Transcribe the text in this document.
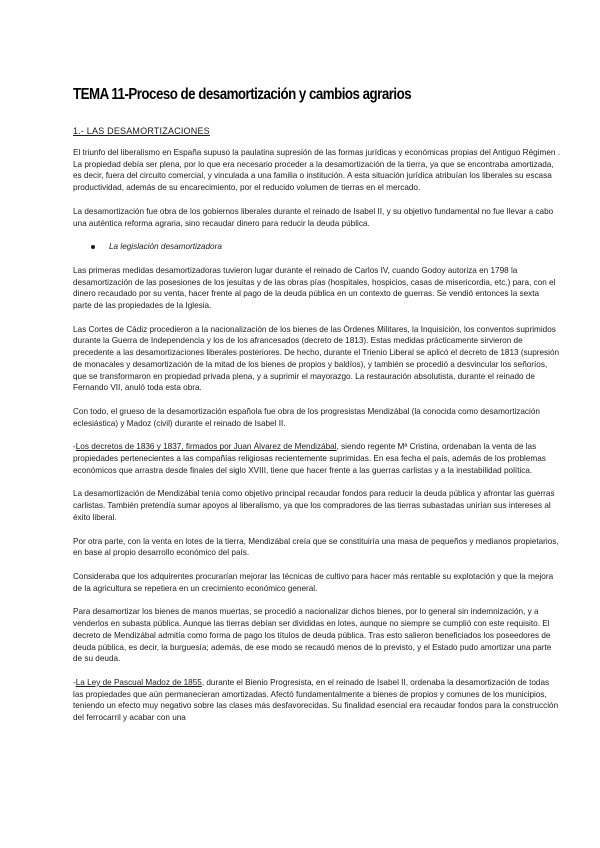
TEMA 11-Proceso de desamortización y cambios agrarios
1.- LAS DESAMORTIZACIONES

El triunfo del liberalismo en España supuso la paulatina supresión de las formas jurídicas y económicas propias del Antiguo Régimen . La propiedad debía ser plena, por lo que era necesario proceder a la desamortización de la tierra, ya que se encontraba amortizada, es decir, fuera del circuito comercial, y vinculada a una familia o institución. A esta situación jurídica atribuían los liberales su escasa productividad, además de su encarecimiento, por el reducido volumen de tierras en el mercado.

La desamortización fue obra de los gobiernos liberales durante el reinado de Isabel II, y su objetivo fundamental no fue llevar a cabo una auténtica reforma agraria, sino recaudar dinero para reducir la deuda pública.

La legislación desamortizadora

Las primeras medidas desamortizadoras tuvieron lugar durante el reinado de Carlos IV, cuando Godoy autoriza en 1798 la desamortización de las posesiones de los jesuitas y de las obras pías (hospitales, hospicios, casas de misericordia, etc.) para, con el dinero recaudado por su venta, hacer frente al pago de la deuda pública en un contexto de guerras. Se vendió entonces la sexta parte de las propiedades de la Iglesia.

Las Cortes de Cádiz procedieron a la nacionalización de los bienes de las Órdenes Militares, la Inquisición, los conventos suprimidos durante la Guerra de Independencia y los de los afrancesados (decreto de 1813). Estas medidas prácticamente sirvieron de precedente a las desamortizaciones liberales posteriores. De hecho, durante el Trienio Liberal se aplicó el decreto de 1813 (supresión de monacales y desamortización de la mitad de los bienes de propios y baldíos), y también se procedió a desvincular los señoríos, que se transformaron en propiedad privada plena, y a suprimir el mayorazgo. La restauración absolutista, durante el reinado de Fernando VII, anuló toda esta obra.

Con todo, el grueso de la desamortización española fue obra de los progresistas Mendizábal (la conocida como desamortización eclesiástica) y Madoz (civil) durante el reinado de Isabel II.

-Los decretos de 1836 y 1837, firmados por Juan Álvarez de Mendizábal, siendo regente Mª Cristina, ordenaban la venta de las propiedades pertenecientes a las compañías religiosas recientemente suprimidas. En esa fecha el país, además de los problemas económicos que arrastra desde finales del siglo XVIII, tiene que hacer frente a las guerras carlistas y a la inestabilidad política.

La desamortización de Mendizábal tenía como objetivo principal recaudar fondos para reducir la deuda pública y afrontar las guerras carlistas. También pretendía sumar apoyos al liberalismo, ya que los compradores de las tierras subastadas unirían sus intereses al éxito liberal.

Por otra parte, con la venta en lotes de la tierra, Mendizábal creía que se constituiría una masa de pequeños y medianos propietarios, en base al propio desarrollo económico del país.

Consideraba que los adquirentes procurarían mejorar las técnicas de cultivo para hacer más rentable su explotación y que la mejora de la agricultura se repetiera en un crecimiento económico general.

Para desamortizar los bienes de manos muertas, se procedió a nacionalizar dichos bienes, por lo general sin indemnización, y a venderlos en subasta pública. Aunque las tierras debían ser divididas en lotes, aunque no siempre se cumplió con este requisito. El decreto de Mendizábal admitía como forma de pago los títulos de deuda pública. Tras esto salieron beneficiados los poseedores de deuda pública, es decir, la burguesía; además, de ese modo se recaudó menos de lo previsto, y el Estado pudo amortizar una parte de su deuda.

-La Ley de Pascual Madoz de 1855, durante el Bienio Progresista, en el reinado de Isabel II, ordenaba la desamortización de todas las propiedades que aún permanecieran amortizadas. Afectó fundamentalmente a bienes de propios y comunes de los municipios, teniendo un efecto muy negativo sobre las clases más desfavorecidas. Su finalidad esencial era recaudar fondos para la construcción del ferrocarril y acabar con una
